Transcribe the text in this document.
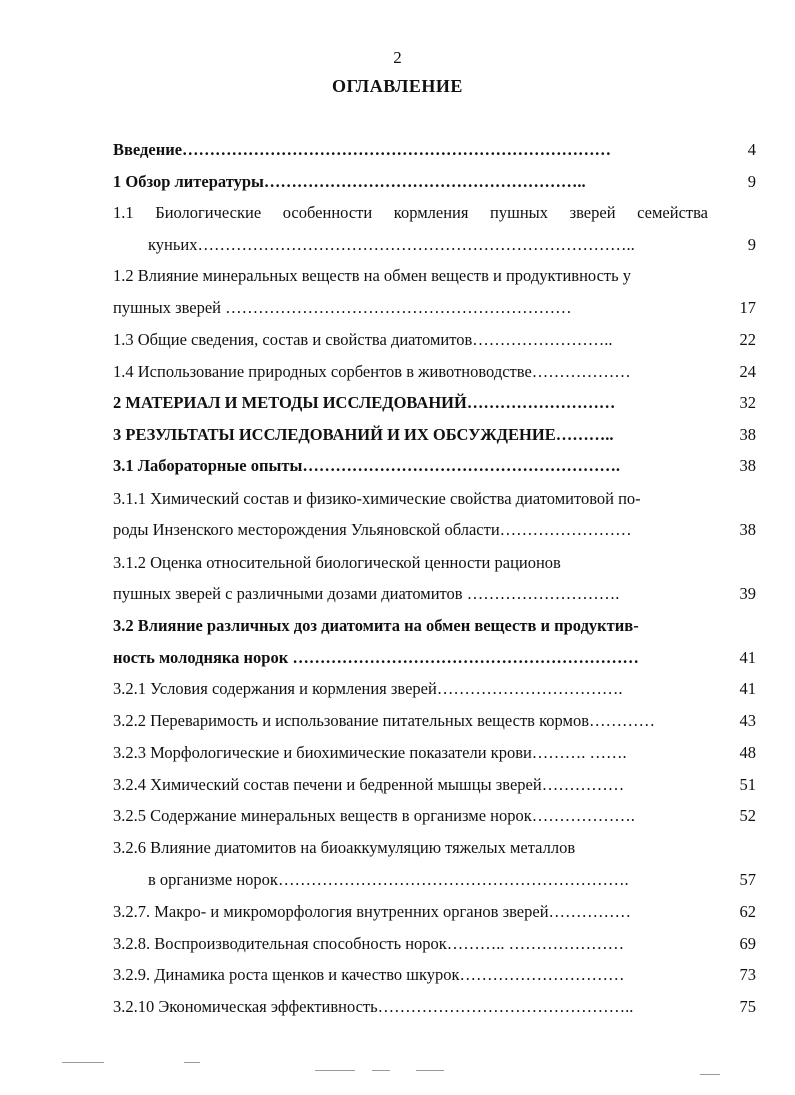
2
ОГЛАВЛЕНИЕ
Введение……………………………………………………………………	4
1 Обзор литературы…………………………………………………..	9
1.1 Биологические особенности кормления пушных зверей семейства
куньих……………………………………………………………………..	9
1.2 Влияние минеральных веществ на обмен веществ и продуктивность у
пушных зверей ………………………………………………………	17
1.3 Общие сведения, состав и свойства диатомитов……………………..	22
1.4 Использование природных сорбентов в животноводстве………………	24
2 МАТЕРИАЛ И МЕТОДЫ ИССЛЕДОВАНИЙ………………………	32
3 РЕЗУЛЬТАТЫ ИССЛЕДОВАНИЙ И ИХ ОБСУЖДЕНИЕ………..	38
3.1 Лабораторные опыты………………………………………………….	38
3.1.1 Химический состав и физико-химические свойства диатомитовой по-
роды Инзенского месторождения Ульяновской области……………………	38
3.1.2 Оценка относительной биологической ценности рационов
пушных зверей с различными дозами диатомитов ……………………….	39
3.2 Влияние различных доз диатомита на обмен веществ и продуктив-
ность молодняка норок ………………………………………………………	41
3.2.1 Условия содержания и кормления зверей…………………………….	41
3.2.2 Переваримость и использование питательных веществ кормов…………	43
3.2.3 Морфологические и биохимические показатели крови………. …….	48
3.2.4 Химический состав печени и бедренной мышцы зверей……………	51
3.2.5 Содержание минеральных веществ в организме норок……………….	52
3.2.6 Влияние диатомитов на биоаккумуляцию тяжелых металлов
в организме норок……………………………………………………….	57
3.2.7. Макро- и микроморфология внутренних органов зверей……………	62
3.2.8. Воспроизводительная способность норок……….. …………………	69
3.2.9. Динамика роста щенков и качество шкурок…………………………	73
3.2.10 Экономическая эффективность………………………………………..	75
